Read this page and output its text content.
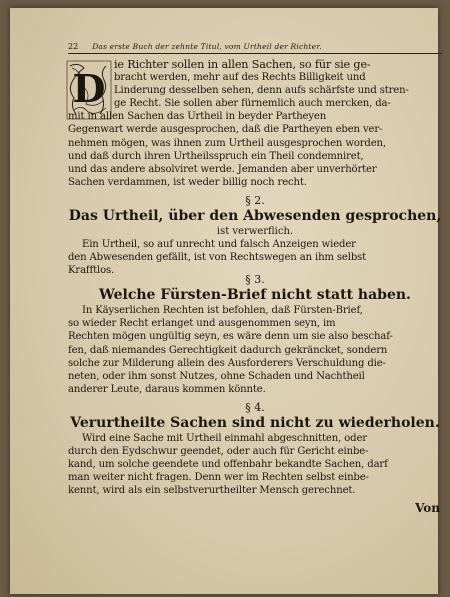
22 Das erste Buch der zehnte Titul, vom Urtheil der Richter.
D
ie Richter sollen in allen Sachen, so für sie ge-
bracht werden, mehr auf des Rechts Billigkeit und
Linderung desselben sehen, denn aufs schärfste und stren-
ge Recht. Sie sollen aber fürnemlich auch mercken, da-
mit in allen Sachen das Urtheil in beyder Partheyen
Gegenwart werde ausgesprochen, daß die Partheyen eben ver-
nehmen mögen, was ihnen zum Urtheil ausgesprochen worden,
und daß durch ihren Urtheilsspruch ein Theil condemniret,
und das andere absolviret werde. Jemanden aber unverhörter
Sachen verdammen, ist weder billig noch recht.
§ 2.
Das Urtheil, über den Abwesenden gesprochen,
ist verwerflich.
Ein Urtheil, so auf unrecht und falsch Anzeigen wieder
den Abwesenden gefällt, ist von Rechtswegen an ihm selbst
Krafftlos.
§ 3.
Welche Fürsten-Brief nicht statt haben.
In Käyserlichen Rechten ist befohlen, daß Fürsten-Brief,
so wieder Recht erlanget und ausgenommen seyn, im
Rechten mögen ungültig seyn, es wäre denn um sie also beschaf-
fen, daß niemandes Gerechtigkeit dadurch gekräncket, sondern
solche zur Milderung allein des Ausforderers Verschuldung die-
neten, oder ihm sonst Nutzes, ohne Schaden und Nachtheil
anderer Leute, daraus kommen könnte.
§ 4.
Verurtheilte Sachen sind nicht zu wiederholen.
Wird eine Sache mit Urtheil einmahl abgeschnitten, oder
durch den Eydschwur geendet, oder auch für Gericht einbe-
kand, um solche geendete und offenbahr bekandte Sachen, darf
man weiter nicht fragen. Denn wer im Rechten selbst einbe-
kennt, wird als ein selbstverurtheilter Mensch gerechnet.
Von
